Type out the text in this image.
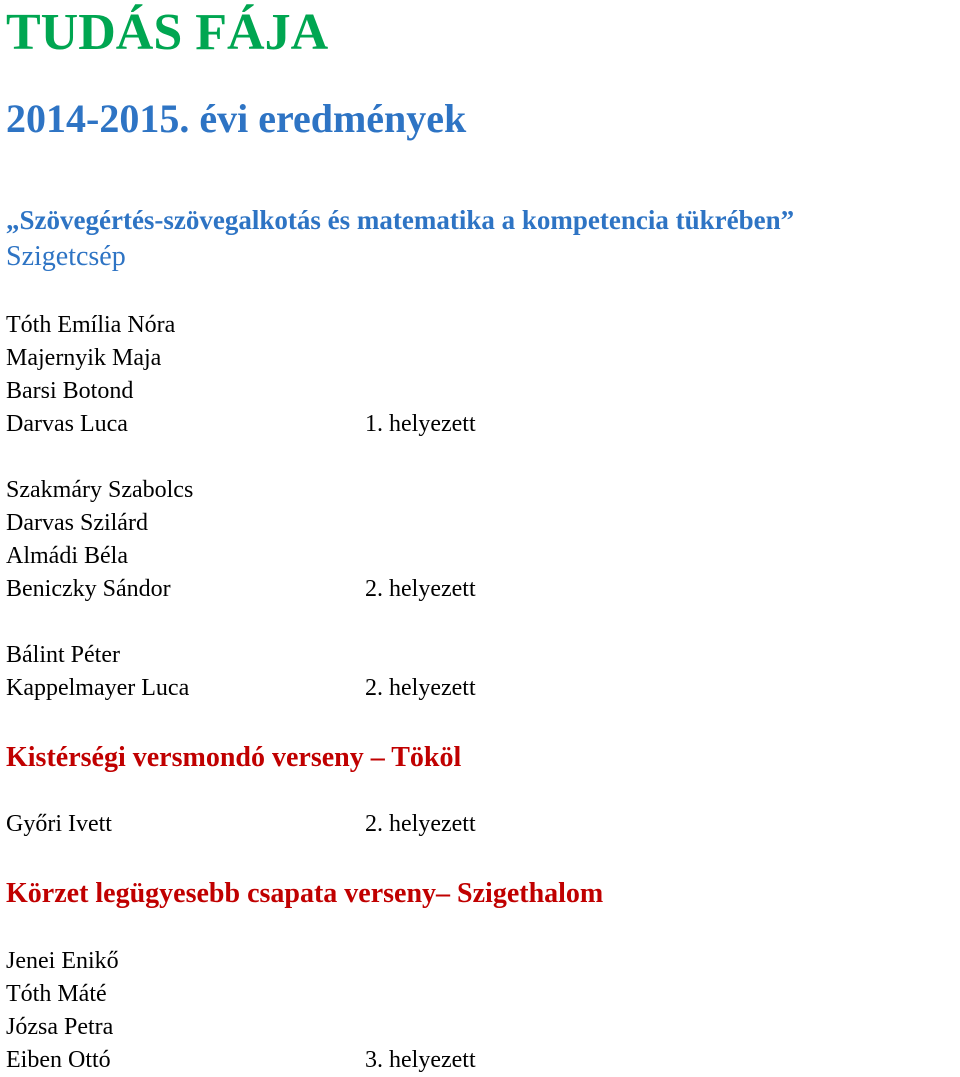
TUDÁS FÁJA
2014-2015. évi eredmények
„Szövegértés-szövegalkotás és matematika a kompetencia tükrében”
Szigetcsép
Tóth Emília Nóra
Majernyik Maja
Barsi Botond
Darvas Luca	1. helyezett
Szakmáry Szabolcs
Darvas Szilárd
Almádi Béla
Beniczky Sándor	2. helyezett
Bálint Péter
Kappelmayer Luca	2. helyezett
Kistérségi versmondó verseny – Tököl
Győri Ivett	2. helyezett
Körzet legügyesebb csapata verseny– Szigethalom
Jenei Enikő
Tóth Máté
Józsa Petra
Eiben Ottó	3. helyezett
